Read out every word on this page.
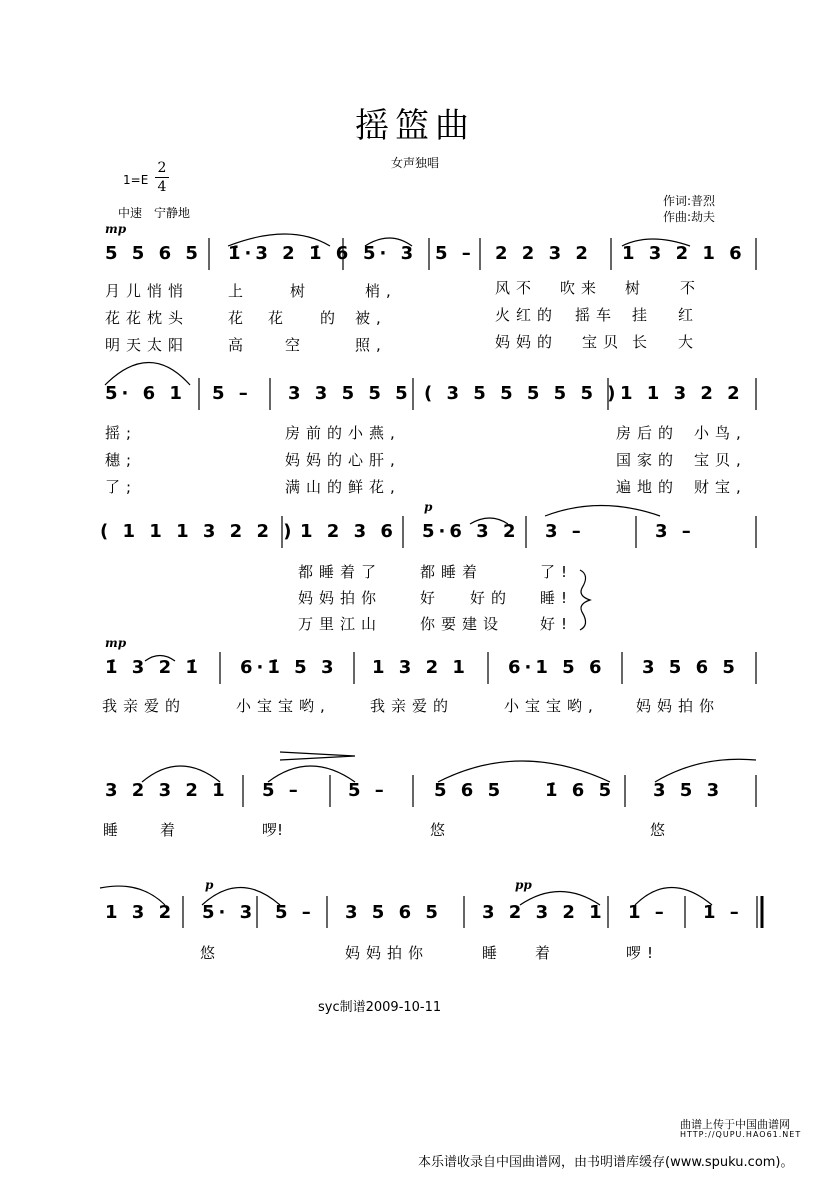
摇篮曲
女声独唱
1=E
2
4
中速　宁静地
作词:普烈
作曲:劫夫
mp
5 5 6 5 1̇·3 2 1̇ 6 5· 3 5 – 2 2 3 2 1 3 2 1 6
月儿悄悄	上	树	梢,	风不 吹来 树 不
花花枕头	花 花 的 被,	火红的 摇车 挂 红
明天太阳	高 空	照,	妈妈的 宝贝 长 大
5· 6 1 5 – 3 3 5 5 5 ( 3 5 5 5 5 5 ) 1 1 3 2 2
摇;	房前的小燕,	房后的 小鸟,
穗;	妈妈的心肝,	国家的 宝贝,
了;	满山的鲜花,	遍地的 财宝,
p
( 1 1 1 3 2 2 ) 1 2 3 6 5·6 3 2 3 –	3 –
都睡着了	都睡着	了!
妈妈拍你	好 好的 睡!
万里江山	你要建设 好!
mp
1̇ 3 2 1̇ 6·1̇ 5 3 1 3 2 1 6·1 5 6 3 5 6 5
我亲爱的	小宝宝哟,	我亲爱的	小宝宝哟, 妈妈拍你
3 2 3 2 1 5 –	5 –	5 6 5 1̇ 6 5 3 5 3
睡	着	啰!	悠	悠
p	pp
1 3 2 5· 3 5 – 3 5 6 5 3 2 3 2 1 1 – 1 –
悠	妈妈拍你	睡 着	啰!
syc制谱2009-10-11
曲谱上传于中国曲谱网
HTTP://QUPU.HAO61.NET
本乐谱收录自中国曲谱网，由书明谱库缓存(www.spuku.com)。
